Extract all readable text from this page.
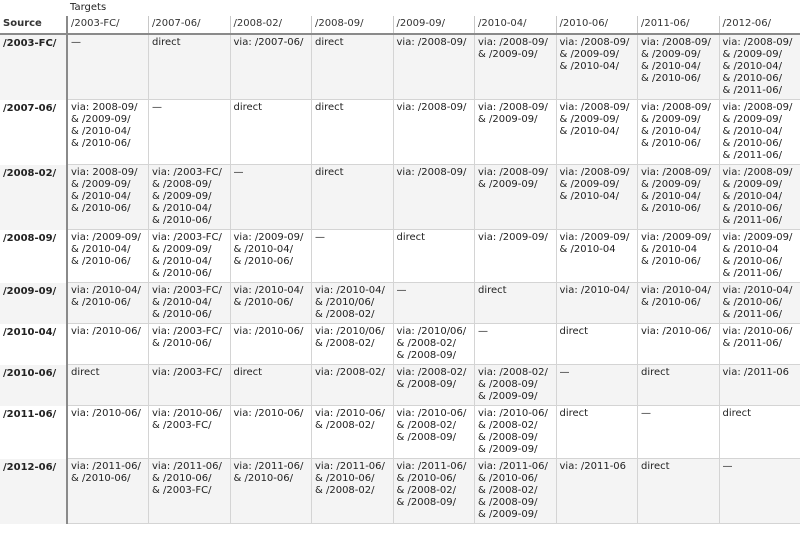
	Targets								
Source	/2003-FC/	/2007-06/	/2008-02/	/2008-09/	/2009-09/	/2010-04/	/2010-06/	/2011-06/	/2012-06/
/2003-FC/	—	direct	via: /2007-06/	direct	via: /2008-09/	via: /2008-09/
& /2009-09/	via: /2008-09/
& /2009-09/
& /2010-04/	via: /2008-09/
& /2009-09/
& /2010-04/
& /2010-06/	via: /2008-09/
& /2009-09/
& /2010-04/
& /2010-06/
& /2011-06/

/2007-06/	via: 2008-09/
& /2009-09/
& /2010-04/
& /2010-06/	—	direct	direct	via: /2008-09/	via: /2008-09/
& /2009-09/	via: /2008-09/
& /2009-09/
& /2010-04/	via: /2008-09/
& /2009-09/
& /2010-04/
& /2010-06/	via: /2008-09/
& /2009-09/
& /2010-04/
& /2010-06/
& /2011-06/

/2008-02/	via: 2008-09/
& /2009-09/
& /2010-04/
& /2010-06/	via: /2003-FC/
& /2008-09/
& /2009-09/
& /2010-04/
& /2010-06/	—	direct	via: /2008-09/	via: /2008-09/
& /2009-09/	via: /2008-09/
& /2009-09/
& /2010-04/	via: /2008-09/
& /2009-09/
& /2010-04/
& /2010-06/	via: /2008-09/
& /2009-09/
& /2010-04/
& /2010-06/
& /2011-06/

/2008-09/	via: /2009-09/
& /2010-04/
& /2010-06/	via: /2003-FC/
& /2009-09/
& /2010-04/
& /2010-06/	via: /2009-09/
& /2010-04/
& /2010-06/	—	direct	via: /2009-09/	via: /2009-09/
& /2010-04	via: /2009-09/
& /2010-04
& /2010-06/	via: /2009-09/
& /2010-04
& /2010-06/
& /2011-06/

/2009-09/	via: /2010-04/
& /2010-06/	via: /2003-FC/
& /2010-04/
& /2010-06/	via: /2010-04/
& /2010-06/	via: /2010-04/
& /2010/06/
& /2008-02/	—	direct	via: /2010-04/	via: /2010-04/
& /2010-06/	via: /2010-04/
& /2010-06/
& /2011-06/

/2010-04/	via: /2010-06/	via: /2003-FC/
& /2010-06/	via: /2010-06/	via: /2010/06/
& /2008-02/	via: /2010/06/
& /2008-02/
& /2008-09/	—	direct	via: /2010-06/	via: /2010-06/
& /2011-06/

/2010-06/	direct	via: /2003-FC/	direct	via: /2008-02/	via: /2008-02/
& /2008-09/	via: /2008-02/
& /2008-09/
& /2009-09/	—	direct	via: /2011-06

/2011-06/	via: /2010-06/	via: /2010-06/
& /2003-FC/	via: /2010-06/	via: /2010-06/
& /2008-02/	via: /2010-06/
& /2008-02/
& /2008-09/	via: /2010-06/
& /2008-02/
& /2008-09/
& /2009-09/	direct	—	direct

/2012-06/	via: /2011-06/
& /2010-06/	via: /2011-06/
& /2010-06/
& /2003-FC/	via: /2011-06/
& /2010-06/	via: /2011-06/
& /2010-06/
& /2008-02/	via: /2011-06/
& /2010-06/
& /2008-02/
& /2008-09/	via: /2011-06/
& /2010-06/
& /2008-02/
& /2008-09/
& /2009-09/	via: /2011-06	direct	—
